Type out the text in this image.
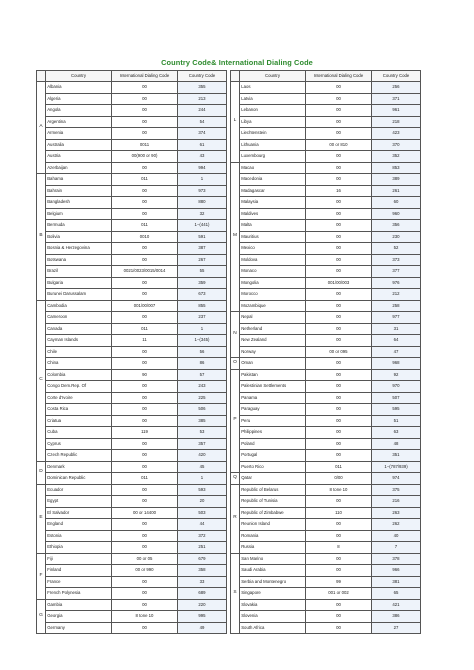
Country Code& International Dialing Code
	Country	International Dialing Code	Country Code
A	Albania	00	355
	Algeria	00	213
	Angola	00	244
	Argentina	00	54
	Armenia	00	374
	Australia	0011	61
	Austria	00(900 or 90)	43
	Azerbaijan	00	994
B	Bahama	011	1
	Bahrain	00	973
	Bangladesh	00	880
	Belgium	00	32
	Bermuda	011	1−(441)
	Bolivia	0010	591
	Bosnia & Herzegovina	00	387
	Botswana	00	267
	Brazil	0021/0023/0015/0014	55
	Bulgaria	00	359
	Burunei Darussalam	00	673
C	Cambodia	001/00/007	855
	Cameroon	00	237
	Canada	011	1
	Cayman Islands	11	1−(345)
	Chile	00	56
	China	00	86
	Colombia	90	57
	Congo Dem.Rep. Of	00	243
	Corte d'Ivoire	00	225
	Costa Rica	00	506
	Criatua	00	385
	Cuba	119	53
	Cyprus	00	357
	Czech Republic	00	420
D	Denmark	00	45
	Dominican Republic	011	1
E	Ecuador	00	593
	Egypt	00	20
	El Salvador	00 or 14400	503
	England	00	44
	Estonia	00	372
	Ethiopia	00	251
F	Fiji	00 or 05	679
	Finland	00 or 990	358
	France	00	33
	French Polynesia	00	689
G	Gambia	00	220
	Georgia	8 tone 10	995
	Germany	00	49
	Country	International Dialing Code	Country Code
L	Laos	00	256
	Latvia	00	371
	Lebanon	00	961
	Libya	00	218
	Liechtenstein	00	423
	Lithuania	00 or 810	370
	Luxembourg	00	352
M	Macao	00	853
	Macedonia	00	389
	Madagascar	16	261
	Malaysia	00	60
	Maldives	00	960
	Malta	00	356
	Mauritius	00	230
	Mexico	00	52
	Moldova	00	373
	Monaco	00	377
	Mongolia	001/00/003	976
	Morocco	00	212
	Mozambique	00	258
N	Nepal	00	977
	Netherland	00	31
	New Zealand	00	64
	Norway	00 or 095	47
O	Oman	00	968
P	Pakistan	00	92
	Palestinian Settlements	00	970
	Panama	00	507
	Paraguay	00	595
	Peru	00	51
	Philippines	00	63
	Poland	00	48
	Portugal	00	351
	Puerto Rico	011	1−(787/939)
Q	Qatar	0/00	974
R	Republic of Belarus	8 tone 10	375
	Republic of Tunisia	00	216
	Republic of Zimbabwe	110	263
	Reunion Island	00	262
	Romania	00	40
	Russia	8	7
S	San Marino	00	378
	Saudi Arabia	00	966
	Serbia and Montenegro	99	381
	Singapore	001 or 002	65
	Slovakia	00	421
	Slovenia	00	386
	South Africa	00	27
